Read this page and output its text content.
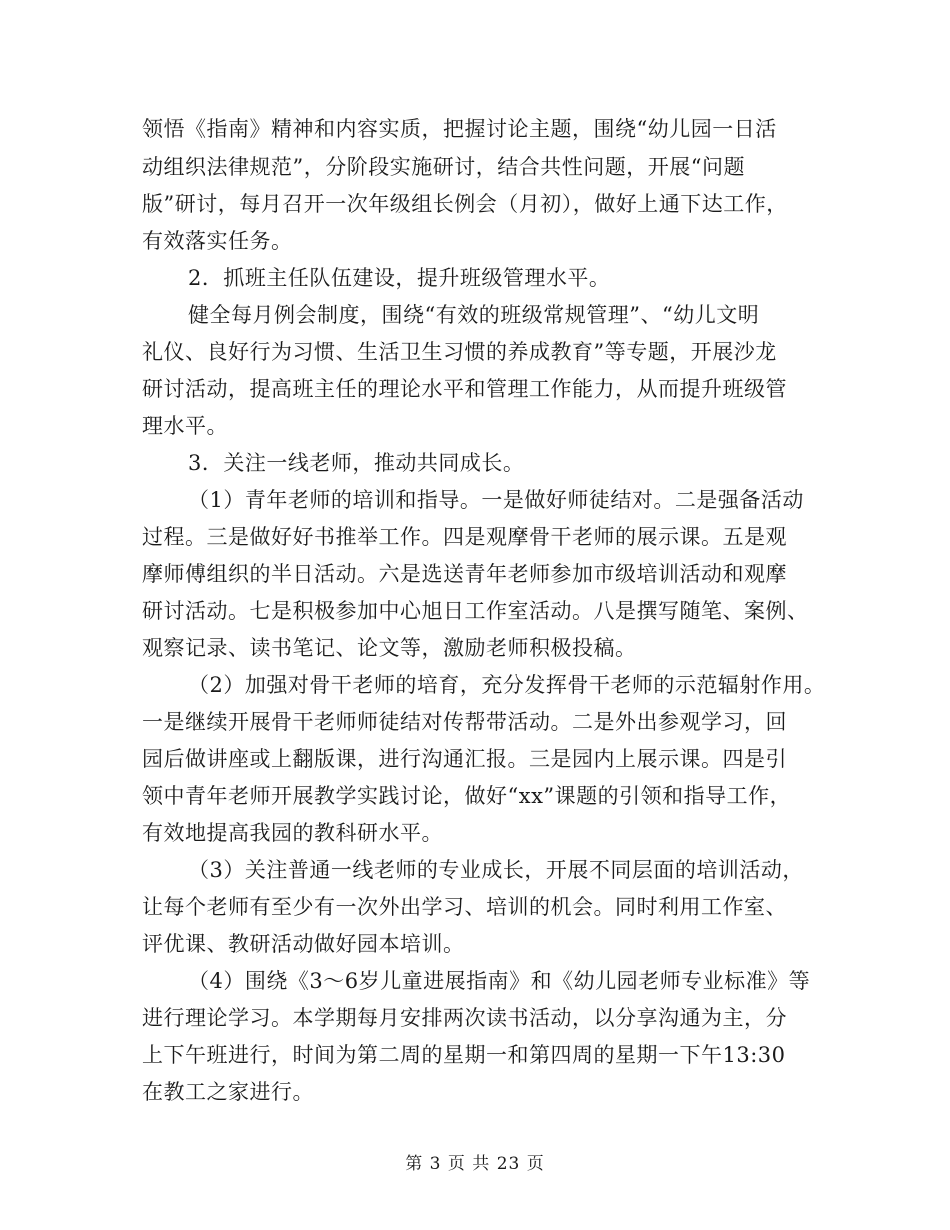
领悟《指南》精神和内容实质，把握讨论主题，围绕“幼儿园一日活
动组织法律规范”，分阶段实施研讨，结合共性问题，开展“问题
版”研讨，每月召开一次年级组长例会（月初），做好上通下达工作，
有效落实任务。
2．抓班主任队伍建设，提升班级管理水平。
健全每月例会制度，围绕“有效的班级常规管理”、“幼儿文明
礼仪、良好行为习惯、生活卫生习惯的养成教育”等专题，开展沙龙
研讨活动，提高班主任的理论水平和管理工作能力，从而提升班级管
理水平。
3．关注一线老师，推动共同成长。
（1）青年老师的培训和指导。一是做好师徒结对。二是强备活动
过程。三是做好好书推举工作。四是观摩骨干老师的展示课。五是观
摩师傅组织的半日活动。六是选送青年老师参加市级培训活动和观摩
研讨活动。七是积极参加中心旭日工作室活动。八是撰写随笔、案例、
观察记录、读书笔记、论文等，激励老师积极投稿。
（2）加强对骨干老师的培育，充分发挥骨干老师的示范辐射作用。
一是继续开展骨干老师师徒结对传帮带活动。二是外出参观学习，回
园后做讲座或上翻版课，进行沟通汇报。三是园内上展示课。四是引
领中青年老师开展教学实践讨论，做好“xx”课题的引领和指导工作，
有效地提高我园的教科研水平。
（3）关注普通一线老师的专业成长，开展不同层面的培训活动，
让每个老师有至少有一次外出学习、培训的机会。同时利用工作室、
评优课、教研活动做好园本培训。
（4）围绕《3～6岁儿童进展指南》和《幼儿园老师专业标准》等
进行理论学习。本学期每月安排两次读书活动，以分享沟通为主，分
上下午班进行，时间为第二周的星期一和第四周的星期一下午13:30
在教工之家进行。
第 3 页 共 23 页
